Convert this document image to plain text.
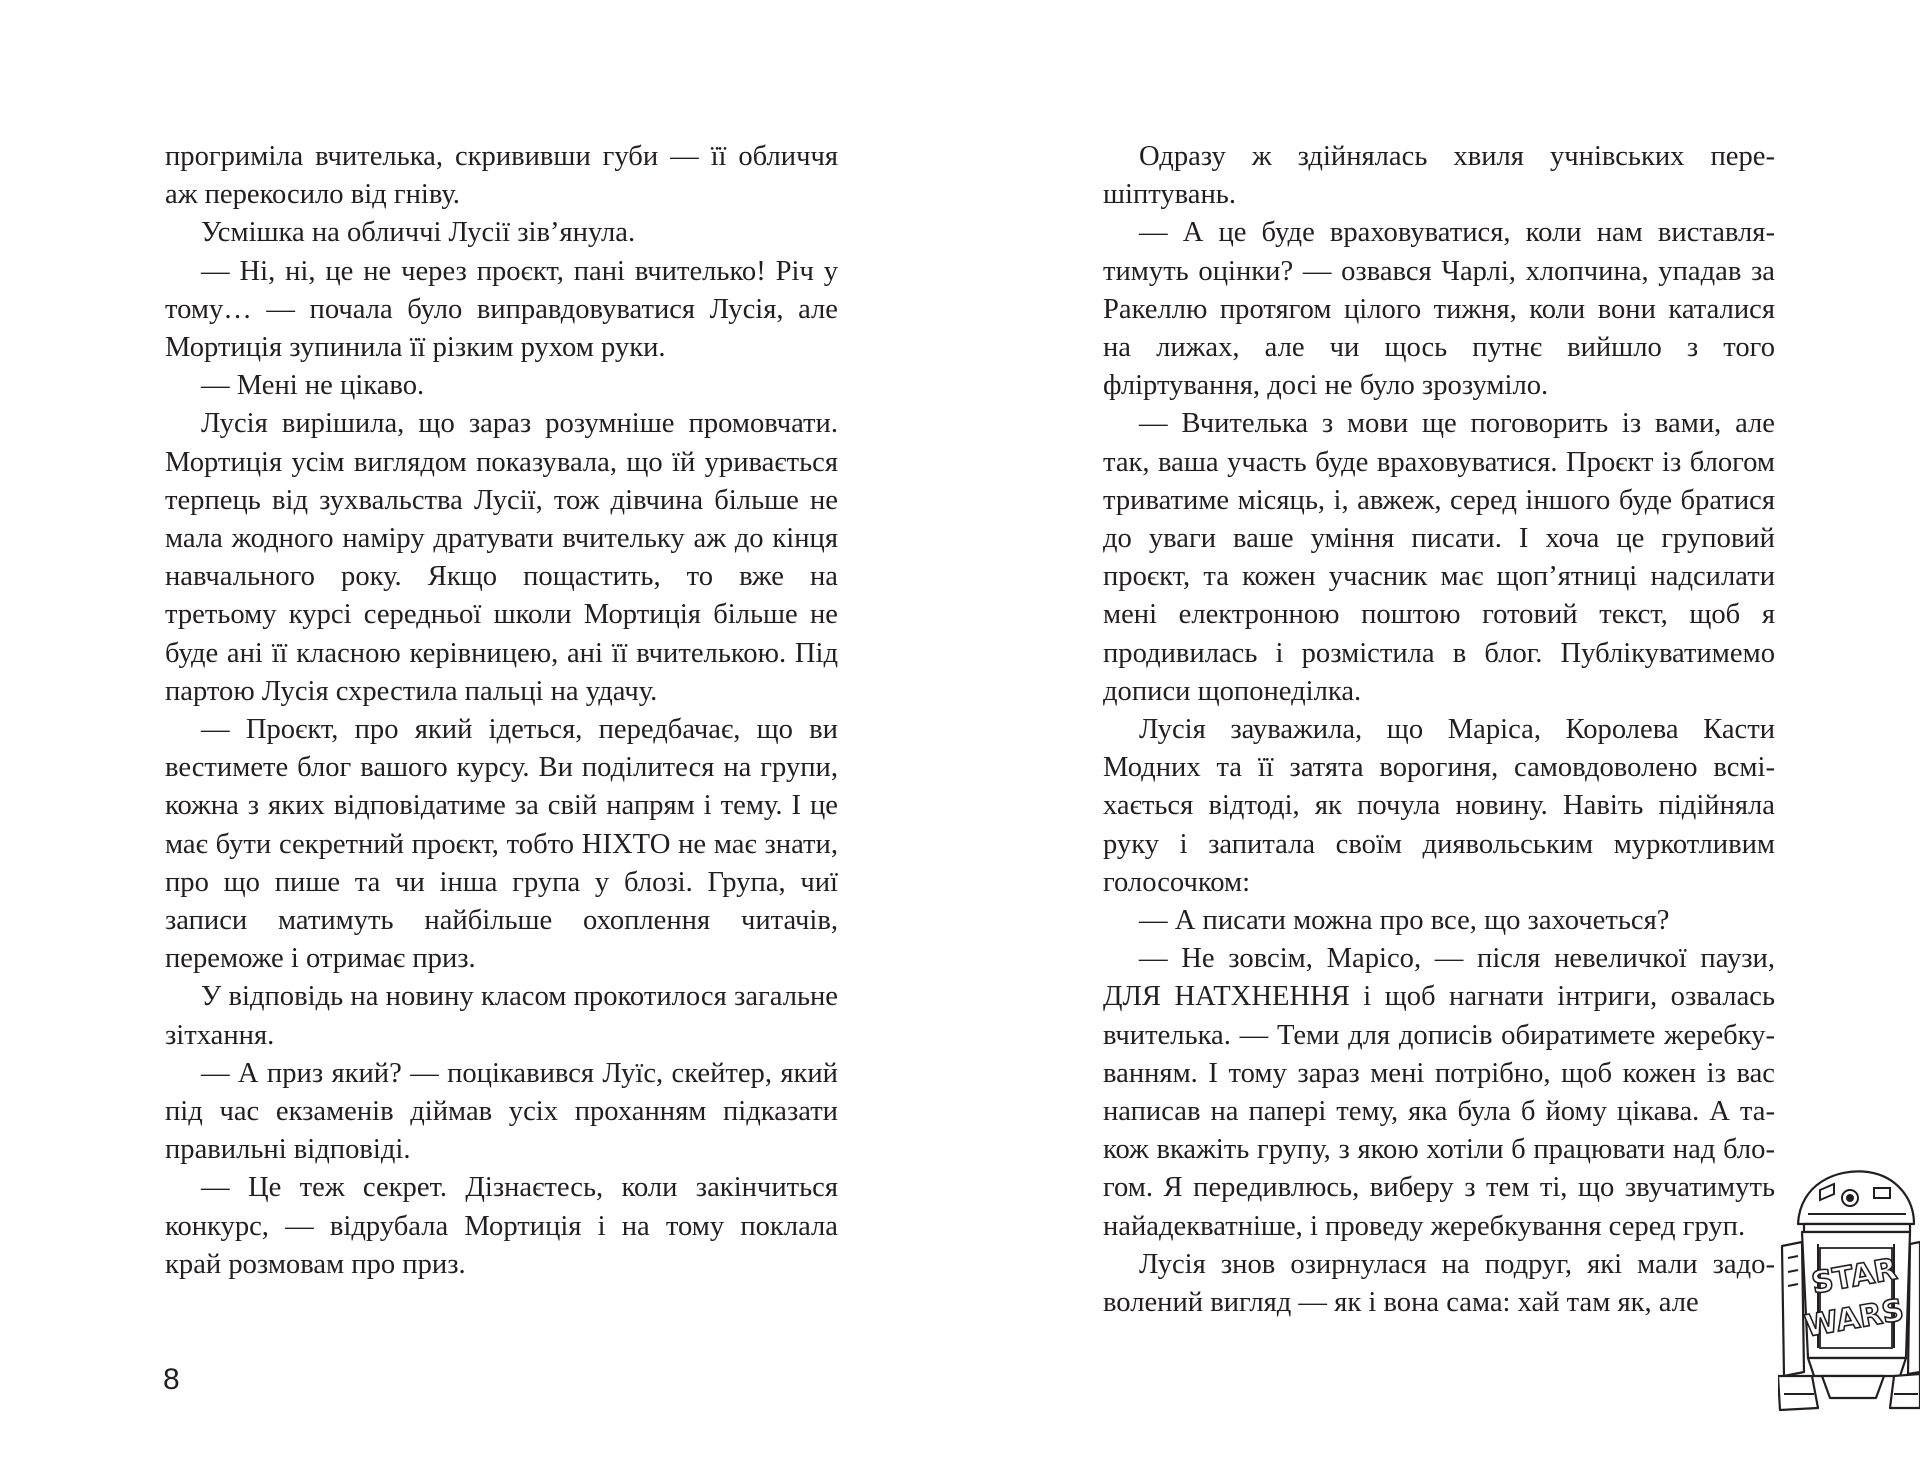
прогриміла вчителька, скрививши губи — її обличчя аж перекосило від гніву.

Усмішка на обличчі Лусії зів’янула.

— Ні, ні, це не через проєкт, пані вчителько! Річ у тому… — почала було виправдовуватися Лусія, але Мортиція зупинила її різким рухом руки.

— Мені не цікаво.

Лусія вирішила, що зараз розумніше промовчати. Мортиція усім виглядом показувала, що їй уривається терпець від зухвальства Лусії, тож дівчина більше не мала жодного наміру дратувати вчительку аж до кінця навчального року. Якщо пощастить, то вже на третьому курсі середньої школи Мортиція більше не буде ані її класною керівницею, ані її вчителькою. Під партою Лусія схрестила пальці на удачу.

— Проєкт, про який ідеться, передбачає, що ви вестимете блог вашого курсу. Ви поділитеся на групи, кожна з яких відповідатиме за свій напрям і тему. І це має бути секретний проєкт, тобто НІХТО не має знати, про що пише та чи інша група у блозі. Група, чиї записи матимуть найбільше охоплення читачів, переможе і отримає приз.

У відповідь на новину класом прокотилося загальне зітхання.

— А приз який? — поцікавився Луїс, скейтер, який під час екзаменів діймав усіх проханням підказати правильні відповіді.

— Це теж секрет. Дізнаєтесь, коли закінчиться конкурс, — відрубала Мортиція і на тому поклала край розмовам про приз.

Одразу ж здійнялась хвиля учнівських перешіптувань.

— А це буде враховуватися, коли нам виставлятимуть оцінки? — озвався Чарлі, хлопчина, упадав за Ракеллю протягом цілого тижня, коли вони каталися на лижах, але чи щось путнє вийшло з того фліртування, досі не було зрозуміло.

— Вчителька з мови ще поговорить із вами, але так, ваша участь буде враховуватися. Проєкт із блогом триватиме місяць, і, авжеж, серед іншого буде братися до уваги ваше уміння писати. І хоча це груповий проєкт, та кожен учасник має щоп’ятниці надсилати мені електронною поштою готовий текст, щоб я продивилась і розмістила в блог. Публікуватимемо дописи щопонеділка.

Лусія зауважила, що Маріса, Королева Касти Модних та її затята ворогиня, самовдоволено всміхається відтоді, як почула новину. Навіть підійняла руку і запитала своїм диявольським муркотливим голосочком:

— А писати можна про все, що захочеться?

— Не зовсім, Марісо, — після невеличкої паузи, ДЛЯ НАТХНЕННЯ і щоб нагнати інтриги, озвалась вчителька. — Теми для дописів обиратимете жеребкуванням. І тому зараз мені потрібно, щоб кожен із вас написав на папері тему, яка була б йому цікава. А також вкажіть групу, з якою хотіли б працювати над блогом. Я передивлюсь, виберу з тем ті, що звучатимуть найадекватніше, і проведу жеребкування серед груп.

Лусія знов озирнулася на подруг, які мали задоволений вигляд — як і вона сама: хай там як, але

8
STAR
WARS
